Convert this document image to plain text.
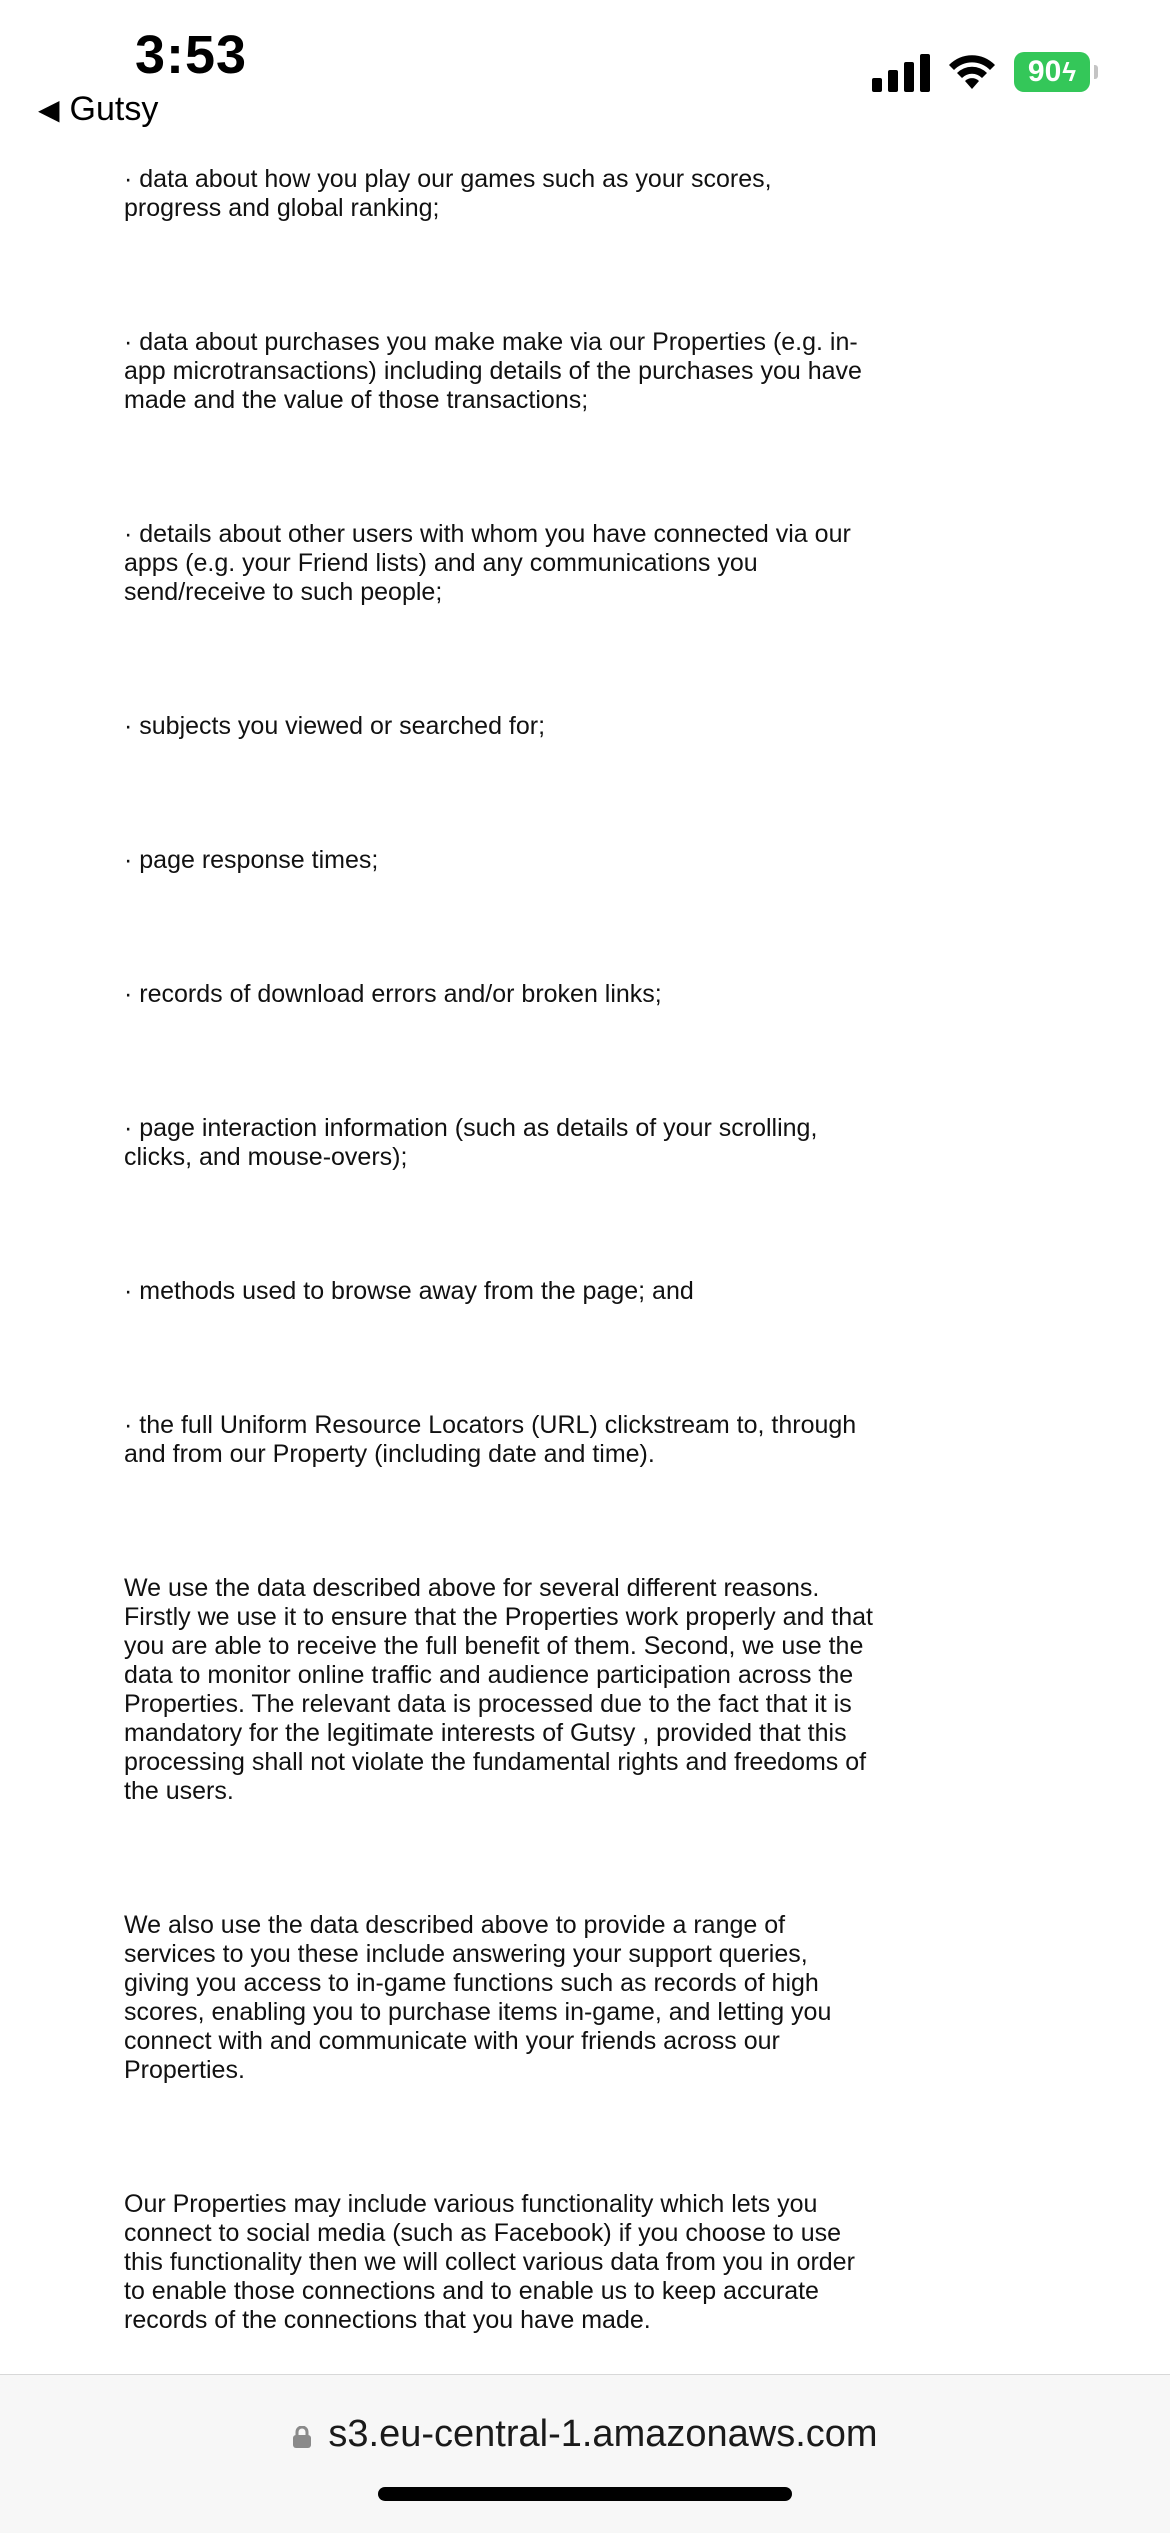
3:53
◀ Gutsy
90 ϟ

· data about how you play our games such as your scores, progress and global ranking;

· data about purchases you make make via our Properties (e.g. in-app microtransactions) including details of the purchases you have made and the value of those transactions;

· details about other users with whom you have connected via our apps (e.g. your Friend lists) and any communications you send/receive to such people;

· subjects you viewed or searched for;

· page response times;

· records of download errors and/or broken links;

· page interaction information (such as details of your scrolling, clicks, and mouse-overs);

· methods used to browse away from the page; and

· the full Uniform Resource Locators (URL) clickstream to, through and from our Property (including date and time).

We use the data described above for several different reasons. Firstly we use it to ensure that the Properties work properly and that you are able to receive the full benefit of them. Second, we use the data to monitor online traffic and audience participation across the Properties. The relevant data is processed due to the fact that it is mandatory for the legitimate interests of Gutsy , provided that this processing shall not violate the fundamental rights and freedoms of the users.

We also use the data described above to provide a range of services to you these include answering your support queries, giving you access to in-game functions such as records of high scores, enabling you to purchase items in-game, and letting you connect with and communicate with your friends across our Properties.

Our Properties may include various functionality which lets you connect to social media (such as Facebook) if you choose to use this functionality then we will collect various data from you in order to enable those connections and to enable us to keep accurate records of the connections that you have made.

s3.eu-central-1.amazonaws.com
